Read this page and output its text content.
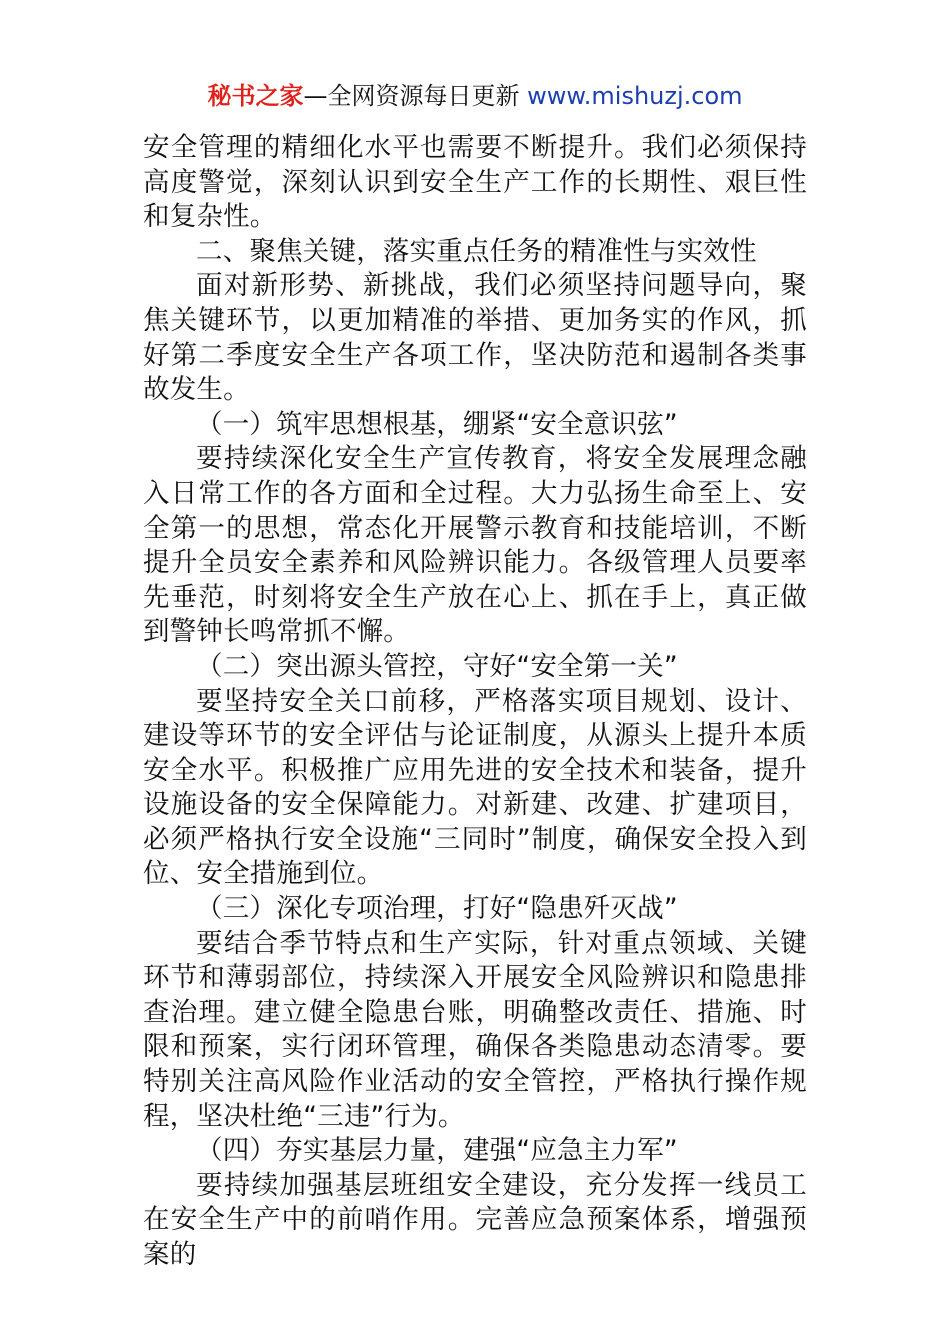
秘书之家—全网资源每日更新 www.mishuzj.com

安全管理的精细化水平也需要不断提升。我们必须保持高度警觉，深刻认识到安全生产工作的长期性、艰巨性和复杂性。

二、聚焦关键，落实重点任务的精准性与实效性

面对新形势、新挑战，我们必须坚持问题导向，聚焦关键环节，以更加精准的举措、更加务实的作风，抓好第二季度安全生产各项工作，坚决防范和遏制各类事故发生。

（一）筑牢思想根基，绷紧“安全意识弦”

要持续深化安全生产宣传教育，将安全发展理念融入日常工作的各方面和全过程。大力弘扬生命至上、安全第一的思想，常态化开展警示教育和技能培训，不断提升全员安全素养和风险辨识能力。各级管理人员要率先垂范，时刻将安全生产放在心上、抓在手上，真正做到警钟长鸣常抓不懈。

（二）突出源头管控，守好“安全第一关”

要坚持安全关口前移，严格落实项目规划、设计、建设等环节的安全评估与论证制度，从源头上提升本质安全水平。积极推广应用先进的安全技术和装备，提升设施设备的安全保障能力。对新建、改建、扩建项目，必须严格执行安全设施“三同时”制度，确保安全投入到位、安全措施到位。

（三）深化专项治理，打好“隐患歼灭战”

要结合季节特点和生产实际，针对重点领域、关键环节和薄弱部位，持续深入开展安全风险辨识和隐患排查治理。建立健全隐患台账，明确整改责任、措施、时限和预案，实行闭环管理，确保各类隐患动态清零。要特别关注高风险作业活动的安全管控，严格执行操作规程，坚决杜绝“三违”行为。

（四）夯实基层力量，建强“应急主力军”

要持续加强基层班组安全建设，充分发挥一线员工在安全生产中的前哨作用。完善应急预案体系，增强预案的
